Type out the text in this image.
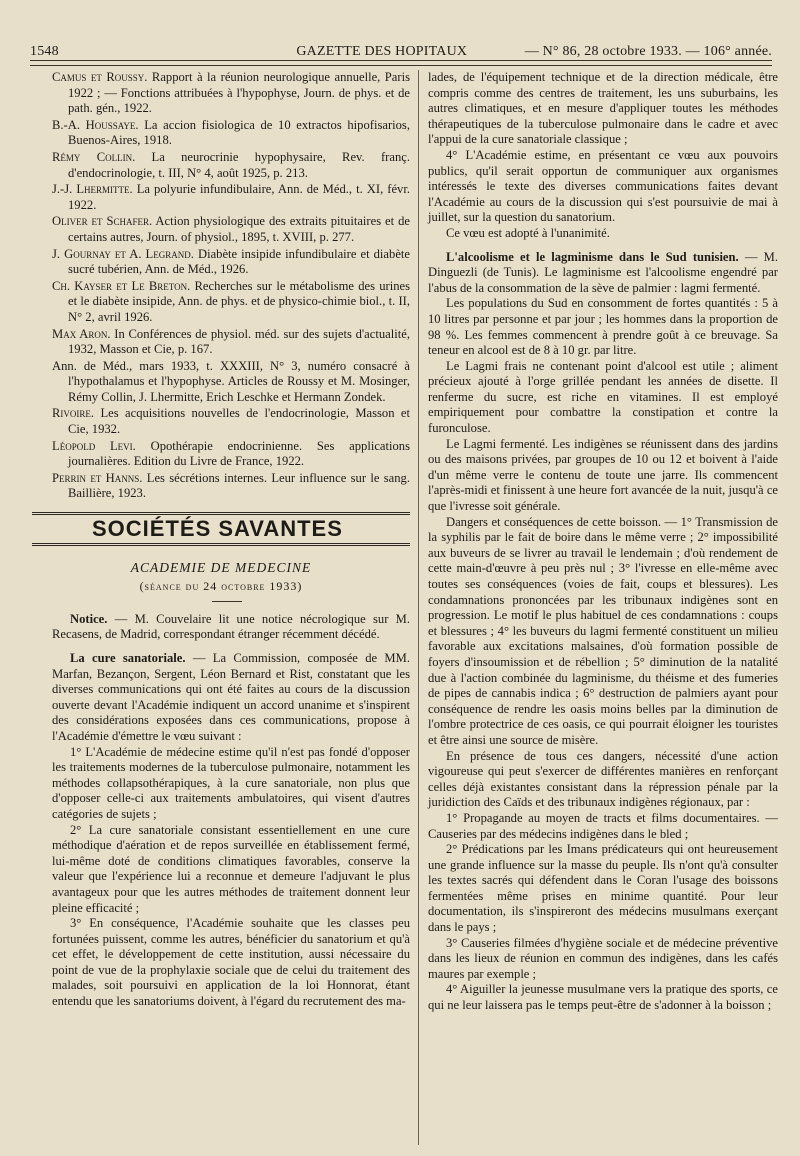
1548	GAZETTE DES HOPITAUX	— N° 86, 28 octobre 1933. — 106° année.

Camus et Roussy. Rapport à la réunion neurologique annuelle, Paris 1922 ; — Fonctions attribuées à l'hypophyse, Journ. de phys. et de path. gén., 1922.

B.-A. Houssaye. La accion fisiologica de 10 extractos hipofisarios, Buenos-Aires, 1918.

Rémy Collin. La neurocrinie hypophysaire, Rev. franç. d'endocrinologie, t. III, N° 4, août 1925, p. 213.

J.-J. Lhermitte. La polyurie infundibulaire, Ann. de Méd., t. XI, févr. 1922.

Oliver et Schafer. Action physiologique des extraits pituitaires et de certains autres, Journ. of physiol., 1895, t. XVIII, p. 277.

J. Gournay et A. Legrand. Diabète insipide infundibulaire et diabète sucré tubérien, Ann. de Méd., 1926.

Ch. Kayser et Le Breton. Recherches sur le métabolisme des urines et le diabète insipide, Ann. de phys. et de physico-chimie biol., t. II, N° 2, avril 1926.

Max Aron. In Conférences de physiol. méd. sur des sujets d'actualité, 1932, Masson et Cie, p. 167.

Ann. de Méd., mars 1933, t. XXXIII, N° 3, numéro consacré à l'hypothalamus et l'hypophyse. Articles de Roussy et M. Mosinger, Rémy Collin, J. Lhermitte, Erich Leschke et Hermann Zondek.

Rivoire. Les acquisitions nouvelles de l'endocrinologie, Masson et Cie, 1932.

Léopold Levi. Opothérapie endocrinienne. Ses applications journalières. Edition du Livre de France, 1922.

Perrin et Hanns. Les sécrétions internes. Leur influence sur le sang. Baillière, 1923.

SOCIÉTÉS SAVANTES
ACADEMIE DE MEDECINE
(séance du 24 octobre 1933)

Notice. — M. Couvelaire lit une notice nécrologique sur M. Recasens, de Madrid, correspondant étranger récemment décédé.

La cure sanatoriale. — La Commission, composée de MM. Marfan, Bezançon, Sergent, Léon Bernard et Rist, constatant que les diverses communications qui ont été faites au cours de la discussion ouverte devant l'Académie indiquent un accord unanime et s'inspirent des considérations exposées dans ces communications, propose à l'Académie d'émettre le vœu suivant :

1° L'Académie de médecine estime qu'il n'est pas fondé d'opposer les traitements modernes de la tuberculose pulmonaire, notamment les méthodes collapsothérapiques, à la cure sanatoriale, non plus que d'opposer celle-ci aux traitements ambulatoires, qui visent d'autres catégories de sujets ;

2° La cure sanatoriale consistant essentiellement en une cure méthodique d'aération et de repos surveillée en établissement fermé, lui-même doté de conditions climatiques favorables, conserve la valeur que l'expérience lui a reconnue et demeure l'adjuvant le plus avantageux pour que les autres méthodes de traitement donnent leur pleine efficacité ;

3° En conséquence, l'Académie souhaite que les classes peu fortunées puissent, comme les autres, bénéficier du sanatorium et qu'à cet effet, le développement de cette institution, aussi nécessaire du point de vue de la prophylaxie sociale que de celui du traitement des malades, soit poursuivi en application de la loi Honnorat, étant entendu que les sanatoriums doivent, à l'égard du recrutement des ma-

lades, de l'équipement technique et de la direction médicale, être compris comme des centres de traitement, les uns suburbains, les autres climatiques, et en mesure d'appliquer toutes les méthodes thérapeutiques de la tuberculose pulmonaire dans le cadre et avec l'appui de la cure sanatoriale classique ;

4° L'Académie estime, en présentant ce vœu aux pouvoirs publics, qu'il serait opportun de communiquer aux organismes intéressés le texte des diverses communications faites devant l'Académie au cours de la discussion qui s'est poursuivie de mai à juillet, sur la question du sanatorium.

Ce vœu est adopté à l'unanimité.

L'alcoolisme et le lagminisme dans le Sud tunisien. — M. Dinguezli (de Tunis). Le lagminisme est l'alcoolisme engendré par l'abus de la consommation de la sève de palmier : lagmi fermenté.

Les populations du Sud en consomment de fortes quantités : 5 à 10 litres par personne et par jour ; les hommes dans la proportion de 98 %. Les femmes commencent à prendre goût à ce breuvage. Sa teneur en alcool est de 8 à 10 gr. par litre.

Le Lagmi frais ne contenant point d'alcool est utile ; aliment précieux ajouté à l'orge grillée pendant les années de disette. Il renferme du sucre, est riche en vitamines. Il est employé empiriquement pour combattre la constipation et contre la furonculose.

Le Lagmi fermenté. Les indigènes se réunissent dans des jardins ou des maisons privées, par groupes de 10 ou 12 et boivent à l'aide d'un même verre le contenu de toute une jarre. Ils commencent l'après-midi et finissent à une heure fort avancée de la nuit, jusqu'à ce que l'ivresse soit générale.

Dangers et conséquences de cette boisson. — 1° Transmission de la syphilis par le fait de boire dans le même verre ; 2° impossibilité aux buveurs de se livrer au travail le lendemain ; d'où rendement de cette main-d'œuvre à peu près nul ; 3° l'ivresse en elle-même avec toutes ses conséquences (voies de fait, coups et blessures). Les condamnations prononcées par les tribunaux indigènes sont en progression. Le motif le plus habituel de ces condamnations : coups et blessures ; 4° les buveurs du lagmi fermenté constituent un milieu favorable aux excitations malsaines, d'où formation possible de foyers d'insoumission et de rébellion ; 5° diminution de la natalité due à l'action combinée du lagminisme, du théisme et des fumeries de pipes de cannabis indica ; 6° destruction de palmiers ayant pour conséquence de rendre les oasis moins belles par la diminution de l'ombre protectrice de ces oasis, ce qui pourrait éloigner les touristes et être ainsi une source de misère.

En présence de tous ces dangers, nécessité d'une action vigoureuse qui peut s'exercer de différentes manières en renforçant celles déjà existantes consistant dans la répression pénale par la juridiction des Caïds et des tribunaux indigènes régionaux, par :

1° Propagande au moyen de tracts et films documentaires. — Causeries par des médecins indigènes dans le bled ;

2° Prédications par les Imans prédicateurs qui ont heureusement une grande influence sur la masse du peuple. Ils n'ont qu'à consulter les textes sacrés qui défendent dans le Coran l'usage des boissons fermentées même prises en minime quantité. Pour leur documentation, ils s'inspireront des médecins musulmans exerçant dans le pays ;

3° Causeries filmées d'hygiène sociale et de médecine préventive dans les lieux de réunion en commun des indigènes, dans les cafés maures par exemple ;

4° Aiguiller la jeunesse musulmane vers la pratique des sports, ce qui ne leur laissera pas le temps peut-être de s'adonner à la boisson ;
